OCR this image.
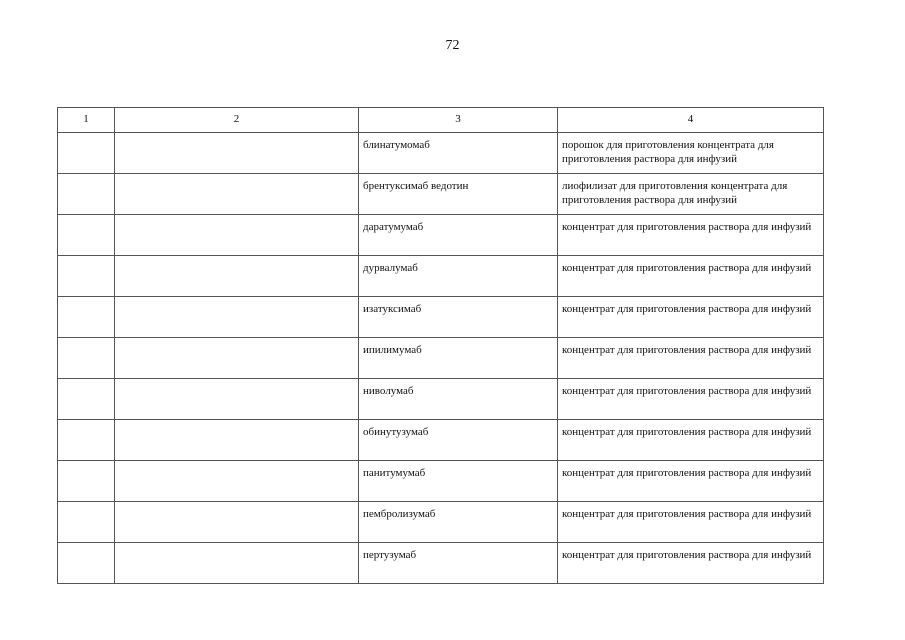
72
1	2	3	4
		блинатумомаб	порошок для приготовления концентрата для приготовления раствора для инфузий
		брентуксимаб ведотин	лиофилизат для приготовления концентрата для приготовления раствора для инфузий
		даратумумаб	концентрат для приготовления раствора для инфузий
		дурвалумаб	концентрат для приготовления раствора для инфузий
		изатуксимаб	концентрат для приготовления раствора для инфузий
		ипилимумаб	концентрат для приготовления раствора для инфузий
		ниволумаб	концентрат для приготовления раствора для инфузий
		обинутузумаб	концентрат для приготовления раствора для инфузий
		панитумумаб	концентрат для приготовления раствора для инфузий
		пембролизумаб	концентрат для приготовления раствора для инфузий
		пертузумаб	концентрат для приготовления раствора для инфузий
